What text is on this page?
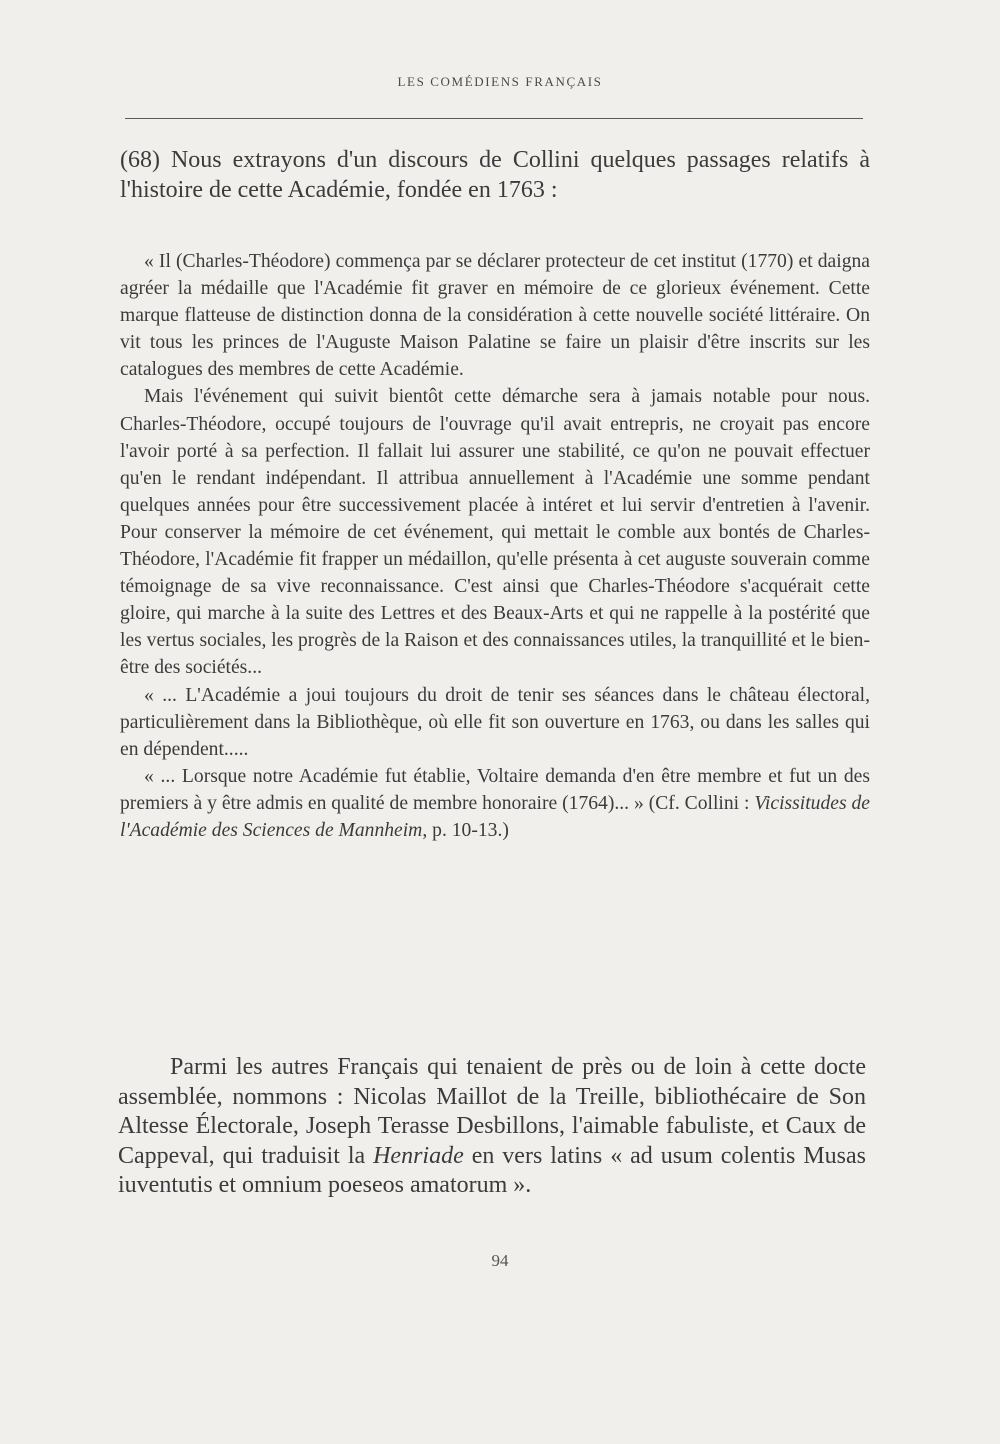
LES COMÉDIENS FRANÇAIS
(68) Nous extrayons d'un discours de Collini quelques passages relatifs à l'histoire de cette Académie, fondée en 1763 :

« Il (Charles-Théodore) commença par se déclarer protecteur de cet institut (1770) et daigna agréer la médaille que l'Académie fit graver en mémoire de ce glorieux événement. Cette marque flatteuse de distinction donna de la considération à cette nouvelle société littéraire. On vit tous les princes de l'Auguste Maison Palatine se faire un plaisir d'être inscrits sur les catalogues des membres de cette Académie.

Mais l'événement qui suivit bientôt cette démarche sera à jamais notable pour nous. Charles-Théodore, occupé toujours de l'ouvrage qu'il avait entrepris, ne croyait pas encore l'avoir porté à sa perfection. Il fallait lui assurer une stabilité, ce qu'on ne pouvait effectuer qu'en le rendant indépendant. Il attribua annuellement à l'Académie une somme pendant quelques années pour être successivement placée à intéret et lui servir d'entretien à l'avenir. Pour conserver la mémoire de cet événement, qui mettait le comble aux bontés de Charles-Théodore, l'Académie fit frapper un médaillon, qu'elle présenta à cet auguste souverain comme témoignage de sa vive reconnaissance. C'est ainsi que Charles-Théodore s'acquérait cette gloire, qui marche à la suite des Lettres et des Beaux-Arts et qui ne rappelle à la postérité que les vertus sociales, les progrès de la Raison et des connaissances utiles, la tranquillité et le bien-être des sociétés...

« ... L'Académie a joui toujours du droit de tenir ses séances dans le château électoral, particulièrement dans la Bibliothèque, où elle fit son ouverture en 1763, ou dans les salles qui en dépendent.....

« ... Lorsque notre Académie fut établie, Voltaire demanda d'en être membre et fut un des premiers à y être admis en qualité de membre honoraire (1764)... » (Cf. Collini : Vicissitudes de l'Académie des Sciences de Mannheim, p. 10-13.)

Parmi les autres Français qui tenaient de près ou de loin à cette docte assemblée, nommons : Nicolas Maillot de la Treille, bibliothécaire de Son Altesse Électorale, Joseph Terasse Desbillons, l'aimable fabuliste, et Caux de Cappeval, qui traduisit la Henriade en vers latins « ad usum colentis Musas iuventutis et omnium poeseos amatorum ».

94
